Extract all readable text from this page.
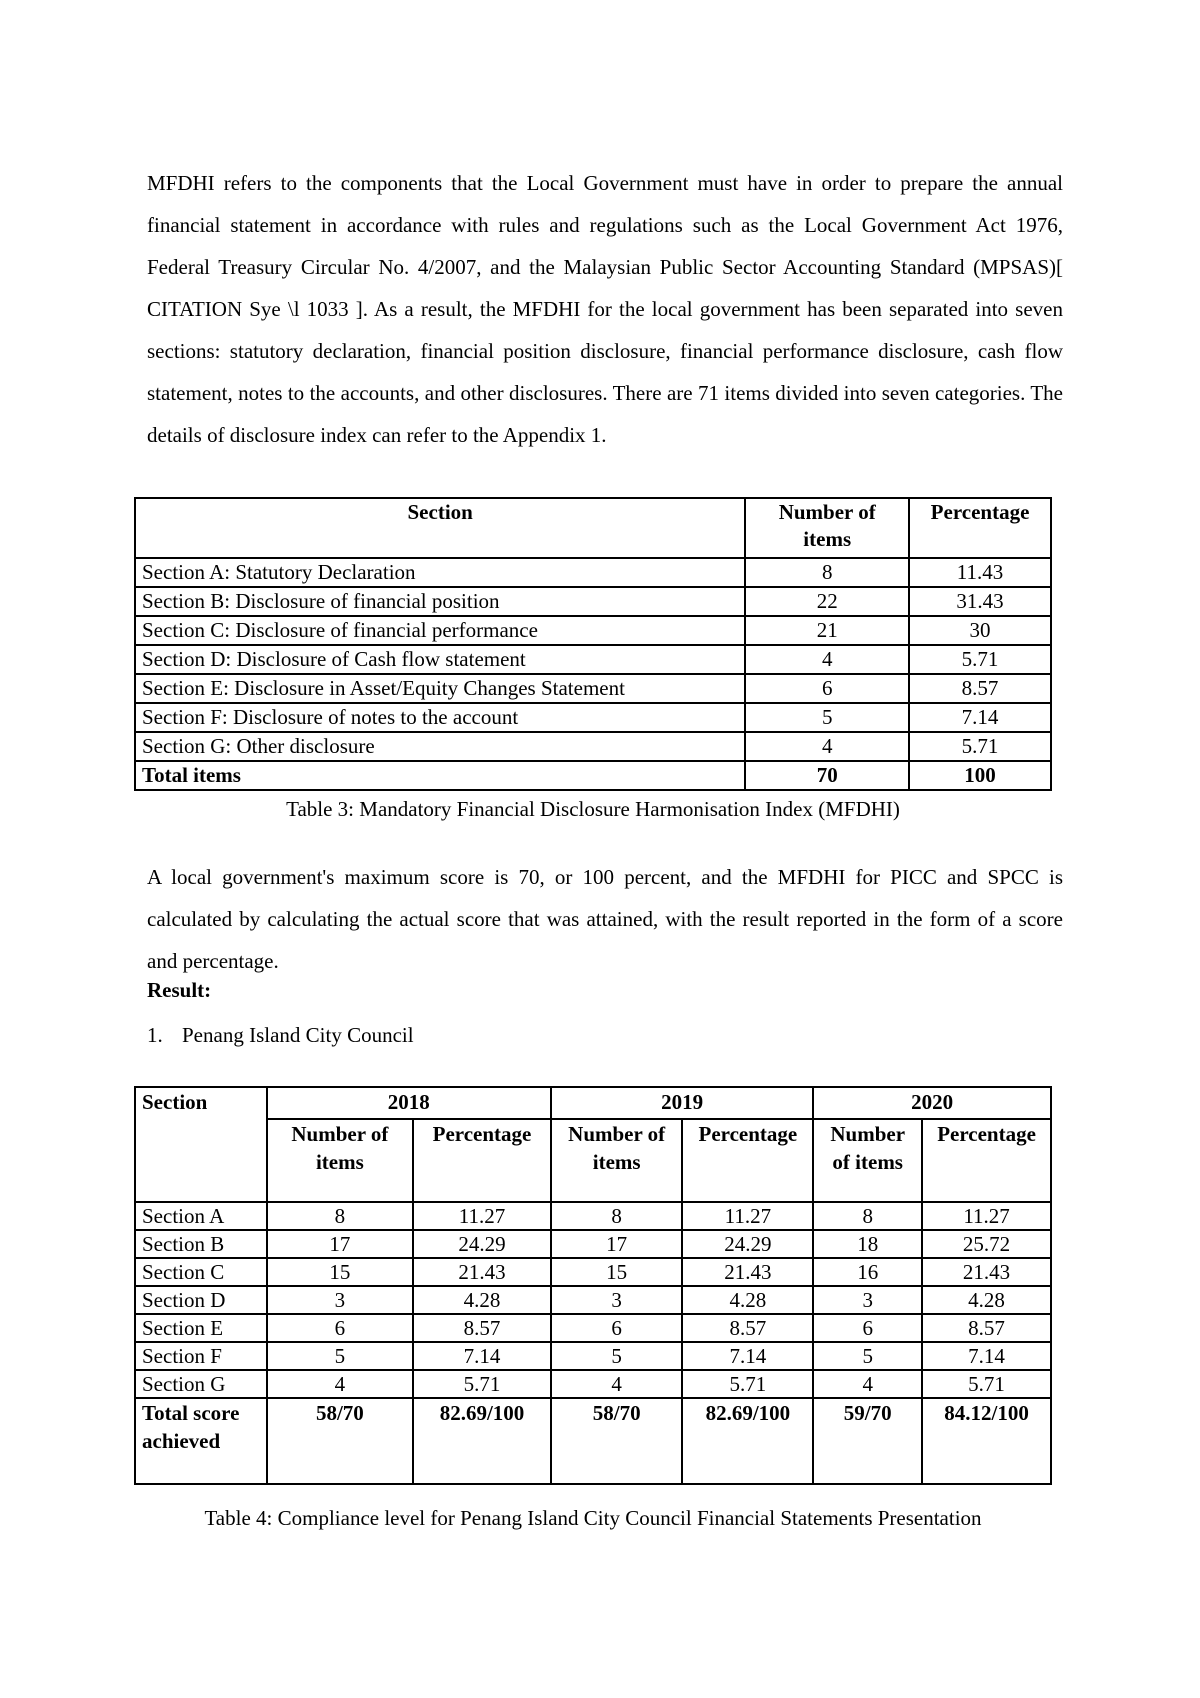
MFDHI refers to the components that the Local Government must have in order to prepare the annual financial statement in accordance with rules and regulations such as the Local Government Act 1976, Federal Treasury Circular No. 4/2007, and the Malaysian Public Sector Accounting Standard (MPSAS)[ CITATION Sye \l 1033 ]. As a result, the MFDHI for the local government has been separated into seven sections: statutory declaration, financial position disclosure, financial performance disclosure, cash flow statement, notes to the accounts, and other disclosures. There are 71 items divided into seven categories. The details of disclosure index can refer to the Appendix 1.

Section	Number of items	Percentage
Section A: Statutory Declaration	8	11.43
Section B: Disclosure of financial position	22	31.43
Section C: Disclosure of financial performance	21	30
Section D: Disclosure of Cash flow statement	4	5.71
Section E: Disclosure in Asset/Equity Changes Statement	6	8.57
Section F: Disclosure of notes to the account	5	7.14
Section G: Other disclosure	4	5.71
Total items	70	100
Table 3: Mandatory Financial Disclosure Harmonisation Index (MFDHI)

A local government's maximum score is 70, or 100 percent, and the MFDHI for PICC and SPCC is calculated by calculating the actual score that was attained, with the result reported in the form of a score and percentage.

Result:
1. Penang Island City Council
Section	2018		2019		2020	
	Number of items	Percentage	Number of items	Percentage	Number of items	Percentage
Section A	8	11.27	8	11.27	8	11.27
Section B	17	24.29	17	24.29	18	25.72
Section C	15	21.43	15	21.43	16	21.43
Section D	3	4.28	3	4.28	3	4.28
Section E	6	8.57	6	8.57	6	8.57
Section F	5	7.14	5	7.14	5	7.14
Section G	4	5.71	4	5.71	4	5.71
Total score achieved	58/70	82.69/100	58/70	82.69/100	59/70	84.12/100
Table 4: Compliance level for Penang Island City Council Financial Statements Presentation
